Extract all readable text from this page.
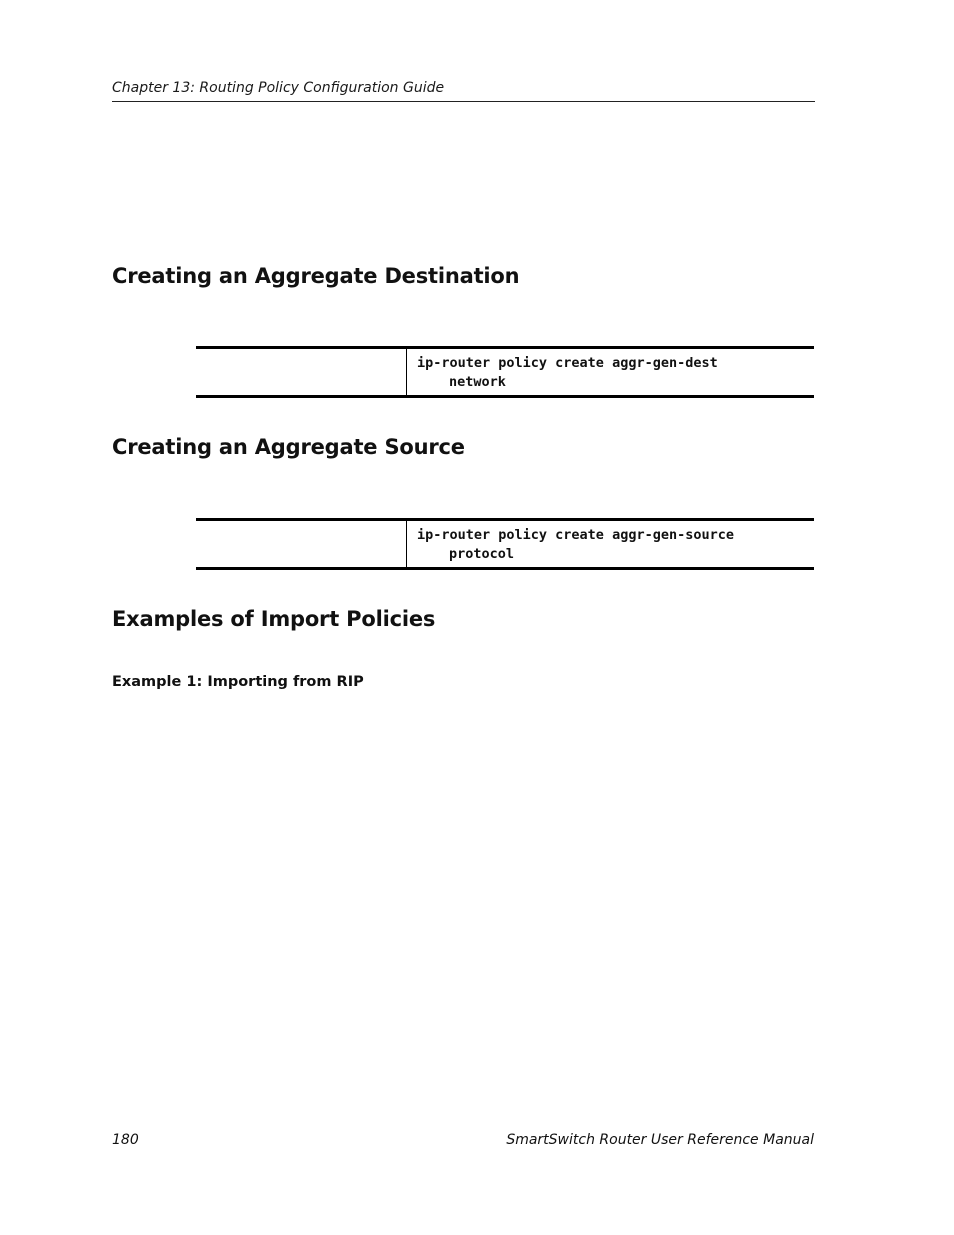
Chapter 13: Routing Policy Configuration Guide
Creating an Aggregate Destination
ip-router policy create aggr-gen-dest
network
Creating an Aggregate Source
ip-router policy create aggr-gen-source
protocol
Examples of Import Policies
Example 1: Importing from RIP
180	SmartSwitch Router User Reference Manual
